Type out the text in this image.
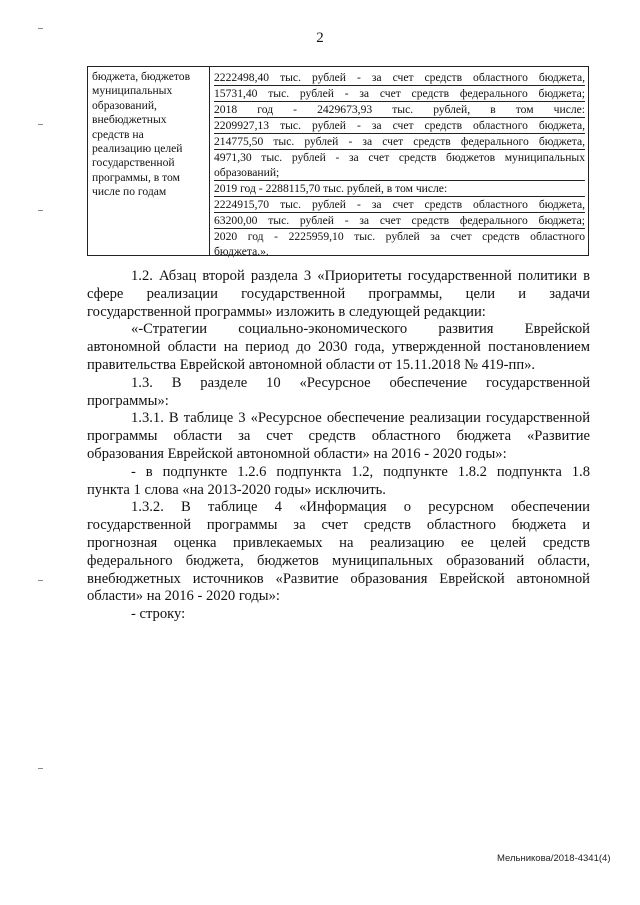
2
бюджета, бюджетов
муниципальных
образований,
внебюджетных
средств на
реализацию целей
государственной
программы, в том
числе по годам
2222498,40 тыс. рублей - за счет средств областного бюджета,
15731,40 тыс. рублей - за счет средств федерального бюджета;
2018 год - 2429673,93 тыс. рублей, в том числе:
2209927,13 тыс. рублей - за счет средств областного бюджета,
214775,50 тыс. рублей - за счет средств федерального бюджета,
4971,30 тыс. рублей - за счет средств бюджетов муниципальных
образований;
2019 год - 2288115,70 тыс. рублей, в том числе:
2224915,70 тыс. рублей - за счет средств областного бюджета,
63200,00 тыс. рублей - за счет средств федерального бюджета;
2020 год - 2225959,10 тыс. рублей за счет средств областного
бюджета.».

1.2. Абзац второй раздела 3 «Приоритеты государственной политики в

сфере реализации государственной программы, цели и задачи

государственной программы» изложить в следующей редакции:

«-Стратегии социально-экономического развития Еврейской

автономной области на период до 2030 года, утвержденной постановлением

правительства Еврейской автономной области от 15.11.2018 № 419-пп».

1.3. В разделе 10 «Ресурсное обеспечение государственной

программы»:

1.3.1. В таблице 3 «Ресурсное обеспечение реализации государственной

программы области за счет средств областного бюджета «Развитие

образования Еврейской автономной области» на 2016 - 2020 годы»:

- в подпункте 1.2.6 подпункта 1.2, подпункте 1.8.2 подпункта 1.8

пункта 1 слова «на 2013-2020 годы» исключить.

1.3.2. В таблице 4 «Информация о ресурсном обеспечении

государственной программы за счет средств областного бюджета и

прогнозная оценка привлекаемых на реализацию ее целей средств

федерального бюджета, бюджетов муниципальных образований области,

внебюджетных источников «Развитие образования Еврейской автономной

области» на 2016 - 2020 годы»:

- строку:

Мельникова/2018-4341(4)
